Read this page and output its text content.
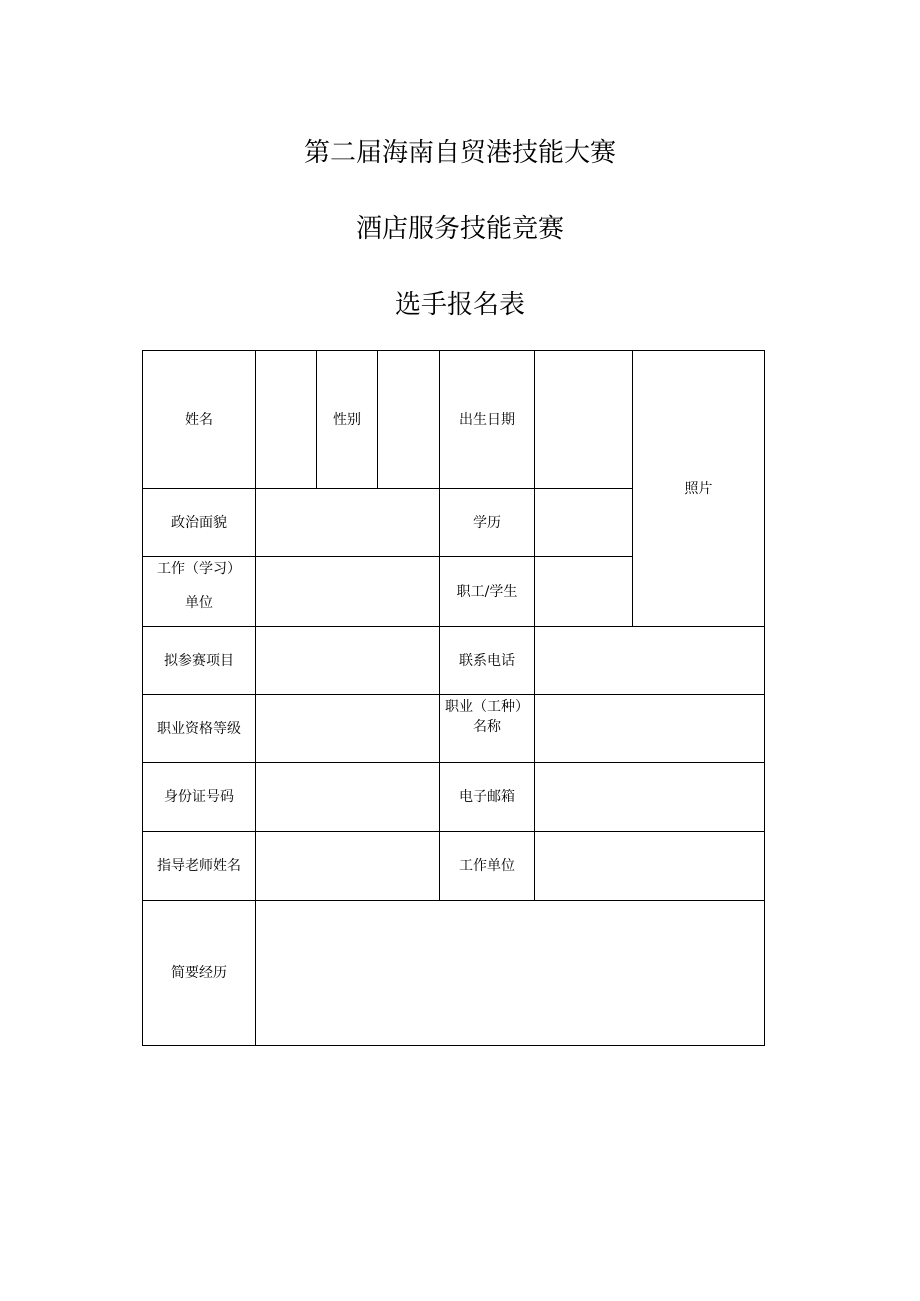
第二届海南自贸港技能大赛
酒店服务技能竞赛
选手报名表
姓名		性别		出生日期		照片
政治面貌				学历		

工作（学习）
单位				职工/学生		
拟参赛项目				联系电话		
职业资格等级				职业（工种）
名称		

身份证号码				电子邮箱		
指导老师姓名				工作单位		
简要经历						
